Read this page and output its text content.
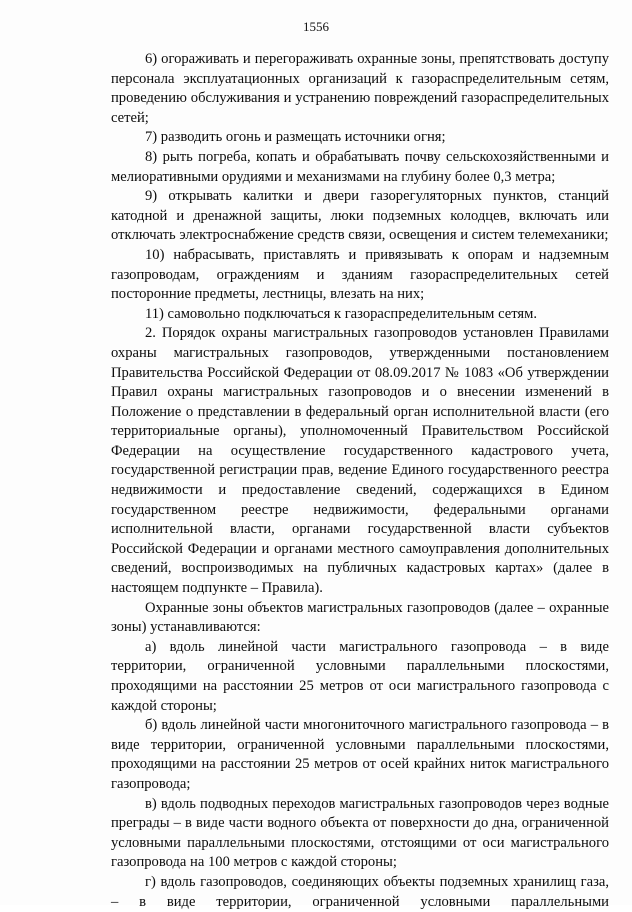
1556

6) огораживать и перегораживать охранные зоны, препятствовать доступу персонала эксплуатационных организаций к газораспределительным сетям, проведению обслуживания и устранению повреждений газораспределительных сетей;

7) разводить огонь и размещать источники огня;

8) рыть погреба, копать и обрабатывать почву сельскохозяйственными и мелиоративными орудиями и механизмами на глубину более 0,3 метра;

9) открывать калитки и двери газорегуляторных пунктов, станций катодной и дренажной защиты, люки подземных колодцев, включать или отключать электроснабжение средств связи, освещения и систем телемеханики;

10) набрасывать, приставлять и привязывать к опорам и надземным газопроводам, ограждениям и зданиям газораспределительных сетей посторонние предметы, лестницы, влезать на них;

11) самовольно подключаться к газораспределительным сетям.

2. Порядок охраны магистральных газопроводов установлен Правилами охраны магистральных газопроводов, утвержденными постановлением Правительства Российской Федерации от 08.09.2017 № 1083 «Об утверждении Правил охраны магистральных газопроводов и о внесении изменений в Положение о представлении в федеральный орган исполнительной власти (его территориальные органы), уполномоченный Правительством Российской Федерации на осуществление государственного кадастрового учета, государственной регистрации прав, ведение Единого государственного реестра недвижимости и предоставление сведений, содержащихся в Едином государственном реестре недвижимости, федеральными органами исполнительной власти, органами государственной власти субъектов Российской Федерации и органами местного самоуправления дополнительных сведений, воспроизводимых на публичных кадастровых картах» (далее в настоящем подпункте – Правила).

Охранные зоны объектов магистральных газопроводов (далее – охранные зоны) устанавливаются:

а) вдоль линейной части магистрального газопровода – в виде территории, ограниченной условными параллельными плоскостями, проходящими на расстоянии 25 метров от оси магистрального газопровода с каждой стороны;

б) вдоль линейной части многониточного магистрального газопровода – в виде территории, ограниченной условными параллельными плоскостями, проходящими на расстоянии 25 метров от осей крайних ниток магистрального газопровода;

в) вдоль подводных переходов магистральных газопроводов через водные преграды – в виде части водного объекта от поверхности до дна, ограниченной условными параллельными плоскостями, отстоящими от оси магистрального газопровода на 100 метров с каждой стороны;

г) вдоль газопроводов, соединяющих объекты подземных хранилищ газа, – в виде территории, ограниченной условными параллельными
